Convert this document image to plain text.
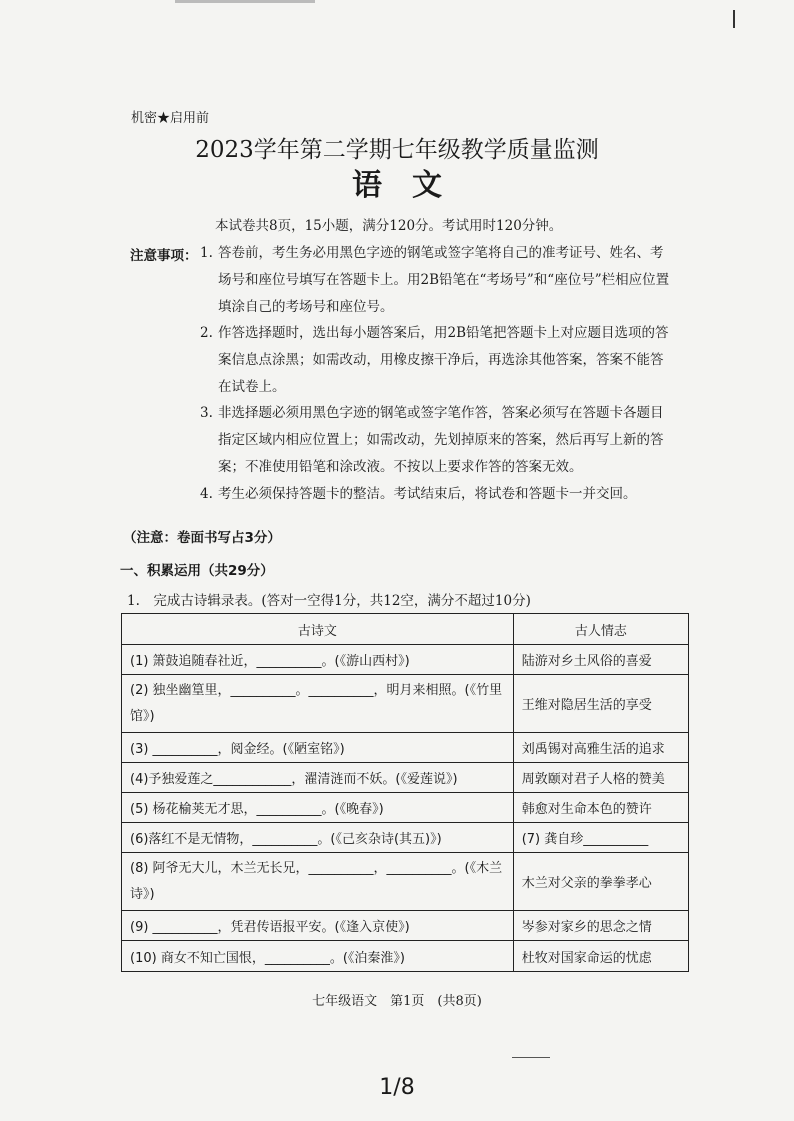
机密★启用前
2023学年第二学期七年级教学质量监测
语文
本试卷共8页，15小题，满分120分。考试用时120分钟。
注意事项： 1. 答卷前，考生务必用黑色字迹的钢笔或签字笔将自己的准考证号、姓名、考场号和座位号填写在答题卡上。用2B铅笔在“考场号”和“座位号”栏相应位置填涂自己的考场号和座位号。
2. 作答选择题时，选出每小题答案后，用2B铅笔把答题卡上对应题目选项的答案信息点涂黑；如需改动，用橡皮擦干净后，再选涂其他答案，答案不能答在试卷上。
3. 非选择题必须用黑色字迹的钢笔或签字笔作答，答案必须写在答题卡各题目指定区域内相应位置上；如需改动，先划掉原来的答案，然后再写上新的答案；不准使用铅笔和涂改液。不按以上要求作答的答案无效。
4. 考生必须保持答题卡的整洁。考试结束后，将试卷和答题卡一并交回。
（注意：卷面书写占3分）
一、积累运用（共29分）
1.　完成古诗辑录表。(答对一空得1分，共12空，满分不超过10分)
古诗文	古人情志
(1) 箫鼓追随春社近，__________。(《游山西村》)	陆游对乡土风俗的喜爱
(2) 独坐幽篁里，__________。__________，明月来相照。(《竹里馆》)	王维对隐居生活的享受
(3) __________，阅金经。(《陋室铭》)	刘禹锡对高雅生活的追求
(4)予独爱莲之____________，濯清涟而不妖。(《爱莲说》)	周敦颐对君子人格的赞美
(5) 杨花榆荚无才思，__________。(《晚春》)	韩愈对生命本色的赞许
(6)落红不是无情物，__________。(《己亥杂诗(其五)》)	(7) 龚自珍__________
(8) 阿爷无大儿，木兰无长兄，__________，__________。(《木兰诗》)	木兰对父亲的拳拳孝心
(9) __________，凭君传语报平安。(《逢入京使》)	岑参对家乡的思念之情
(10) 商女不知亡国恨，__________。(《泊秦淮》)	杜牧对国家命运的忧虑
七年级语文　第1页　(共8页)
1/8
